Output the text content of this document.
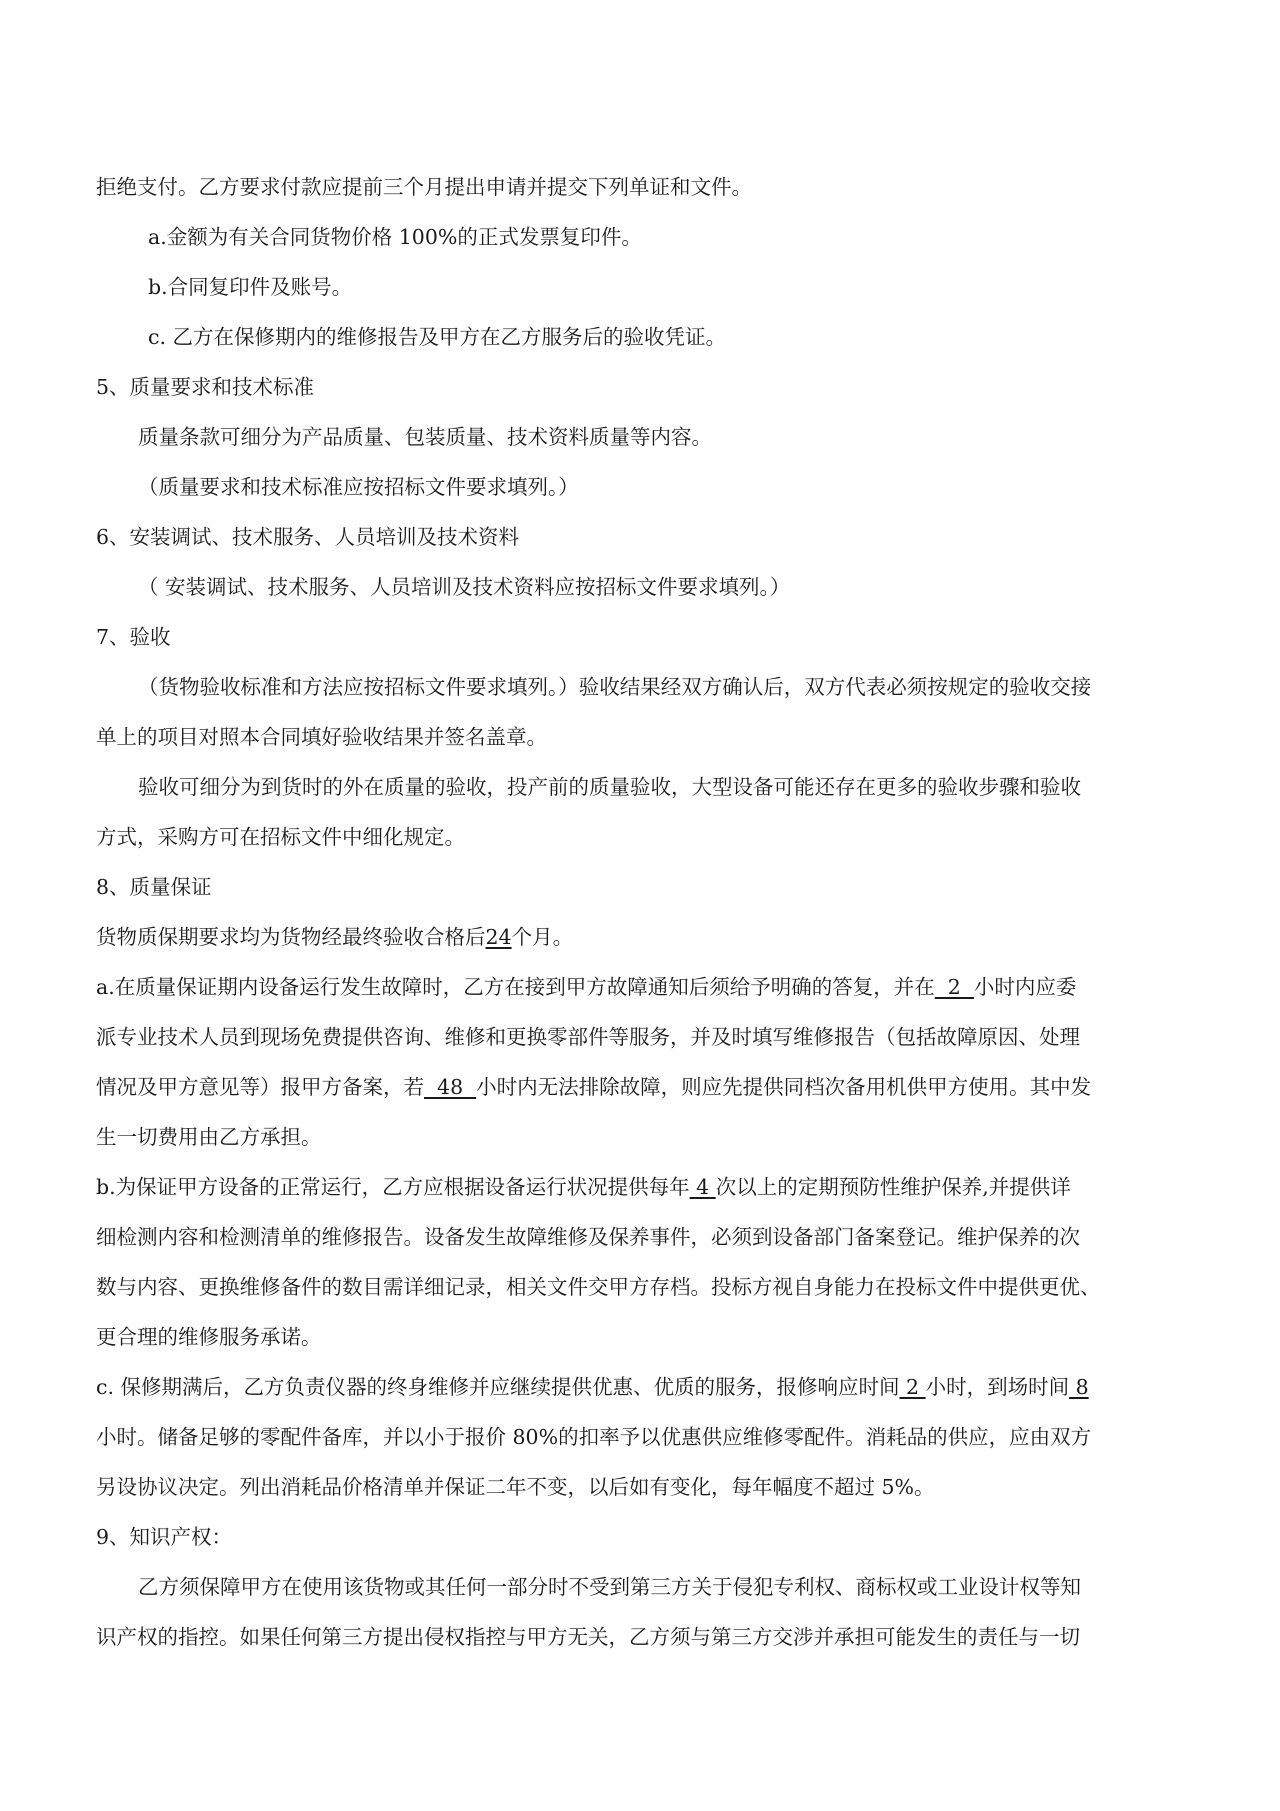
拒绝支付。乙方要求付款应提前三个月提出申请并提交下列单证和文件。
a.金额为有关合同货物价格 100%的正式发票复印件。
b.合同复印件及账号。
c. 乙方在保修期内的维修报告及甲方在乙方服务后的验收凭证。
5、质量要求和技术标准
质量条款可细分为产品质量、包装质量、技术资料质量等内容。
（质量要求和技术标准应按招标文件要求填列。）
6、安装调试、技术服务、人员培训及技术资料
（ 安装调试、技术服务、人员培训及技术资料应按招标文件要求填列。）
7、验收
（货物验收标准和方法应按招标文件要求填列。）验收结果经双方确认后，双方代表必须按规定的验收交接
单上的项目对照本合同填好验收结果并签名盖章。
验收可细分为到货时的外在质量的验收，投产前的质量验收，大型设备可能还存在更多的验收步骤和验收
方式，采购方可在招标文件中细化规定。
8、质量保证
货物质保期要求均为货物经最终验收合格后24个月。
a.在质量保证期内设备运行发生故障时，乙方在接到甲方故障通知后须给予明确的答复，并在  2  小时内应委
派专业技术人员到现场免费提供咨询、维修和更换零部件等服务，并及时填写维修报告（包括故障原因、处理
情况及甲方意见等）报甲方备案，若  48  小时内无法排除故障，则应先提供同档次备用机供甲方使用。其中发
生一切费用由乙方承担。
b.为保证甲方设备的正常运行，乙方应根据设备运行状况提供每年 4 次以上的定期预防性维护保养,并提供详
细检测内容和检测清单的维修报告。设备发生故障维修及保养事件，必须到设备部门备案登记。维护保养的次
数与内容、更换维修备件的数目需详细记录，相关文件交甲方存档。投标方视自身能力在投标文件中提供更优、
更合理的维修服务承诺。
c. 保修期满后，乙方负责仪器的终身维修并应继续提供优惠、优质的服务，报修响应时间 2 小时，到场时间 8
小时。储备足够的零配件备库，并以小于报价 80%的扣率予以优惠供应维修零配件。消耗品的供应，应由双方
另设协议决定。列出消耗品价格清单并保证二年不变，以后如有变化，每年幅度不超过 5%。
9、知识产权：
乙方须保障甲方在使用该货物或其任何一部分时不受到第三方关于侵犯专利权、商标权或工业设计权等知
识产权的指控。如果任何第三方提出侵权指控与甲方无关，乙方须与第三方交涉并承担可能发生的责任与一切
